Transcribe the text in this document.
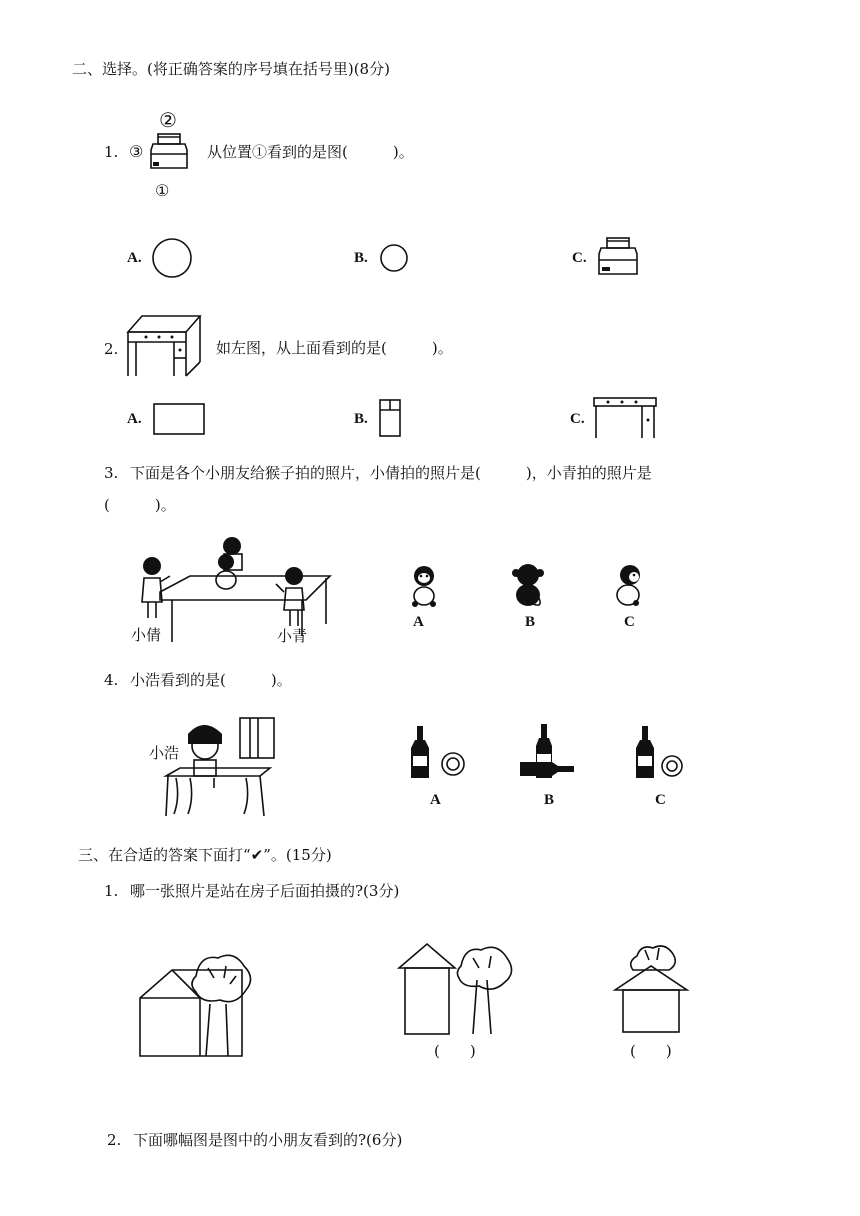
二、选择。(将正确答案的序号填在括号里)(8分)
1. ③
②
①
从位置①看到的是图(　　　)。
A.	B.	C.
2.	如左图，从上面看到的是(　　　)。
A.	B.	C.
3. 下面是各个小朋友给猴子拍的照片，小倩拍的照片是(　　　)，小青拍的照片是
(　　　)。
小倩	小青
A	B	C
4. 小浩看到的是(　　　)。
小浩
A	B	C
三、在合适的答案下面打“✔”。(15分)
1. 哪一张照片是站在房子后面拍摄的?(3分)
(　　)	(　　)
2. 下面哪幅图是图中的小朋友看到的?(6分)
